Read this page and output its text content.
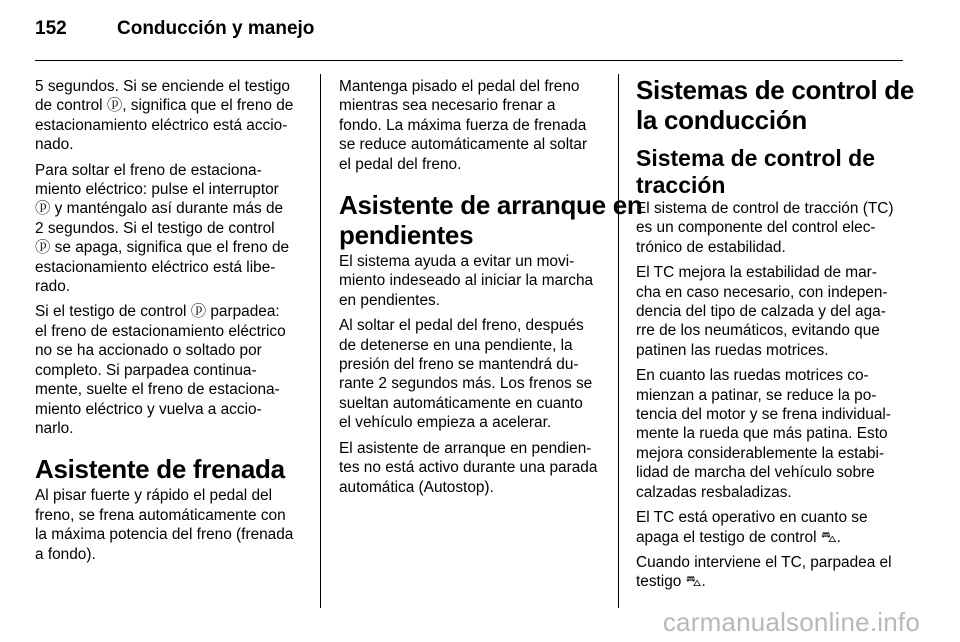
152	Conducción y manejo

5 segundos. Si se enciende el testigo
de control ⓟ, significa que el freno de
estacionamiento eléctrico está accio-
nado.

Para soltar el freno de estaciona-
miento eléctrico: pulse el interruptor
ⓟ y manténgalo así durante más de
2 segundos. Si el testigo de control
ⓟ se apaga, significa que el freno de
estacionamiento eléctrico está libe-
rado.

Si el testigo de control ⓟ parpadea:
el freno de estacionamiento eléctrico
no se ha accionado o soltado por
completo. Si parpadea continua-
mente, suelte el freno de estaciona-
miento eléctrico y vuelva a accio-
narlo.

Asistente de frenada

Al pisar fuerte y rápido el pedal del
freno, se frena automáticamente con
la máxima potencia del freno (frenada
a fondo).

Mantenga pisado el pedal del freno
mientras sea necesario frenar a
fondo. La máxima fuerza de frenada
se reduce automáticamente al soltar
el pedal del freno.

Asistente de arranque en
pendientes

El sistema ayuda a evitar un movi-
miento indeseado al iniciar la marcha
en pendientes.

Al soltar el pedal del freno, después
de detenerse en una pendiente, la
presión del freno se mantendrá du-
rante 2 segundos más. Los frenos se
sueltan automáticamente en cuanto
el vehículo empieza a acelerar.

El asistente de arranque en pendien-
tes no está activo durante una parada
automática (Autostop).

Sistemas de control de
la conducción
Sistema de control de
tracción

El sistema de control de tracción (TC)
es un componente del control elec-
trónico de estabilidad.

El TC mejora la estabilidad de mar-
cha en caso necesario, con indepen-
dencia del tipo de calzada y del aga-
rre de los neumáticos, evitando que
patinen las ruedas motrices.

En cuanto las ruedas motrices co-
mienzan a patinar, se reduce la po-
tencia del motor y se frena individual-
mente la rueda que más patina. Esto
mejora considerablemente la estabi-
lidad de marcha del vehículo sobre
calzadas resbaladizas.

El TC está operativo en cuanto se
apaga el testigo de control ⛍.

Cuando interviene el TC, parpadea el
testigo ⛍.

carmanualsonline.info
